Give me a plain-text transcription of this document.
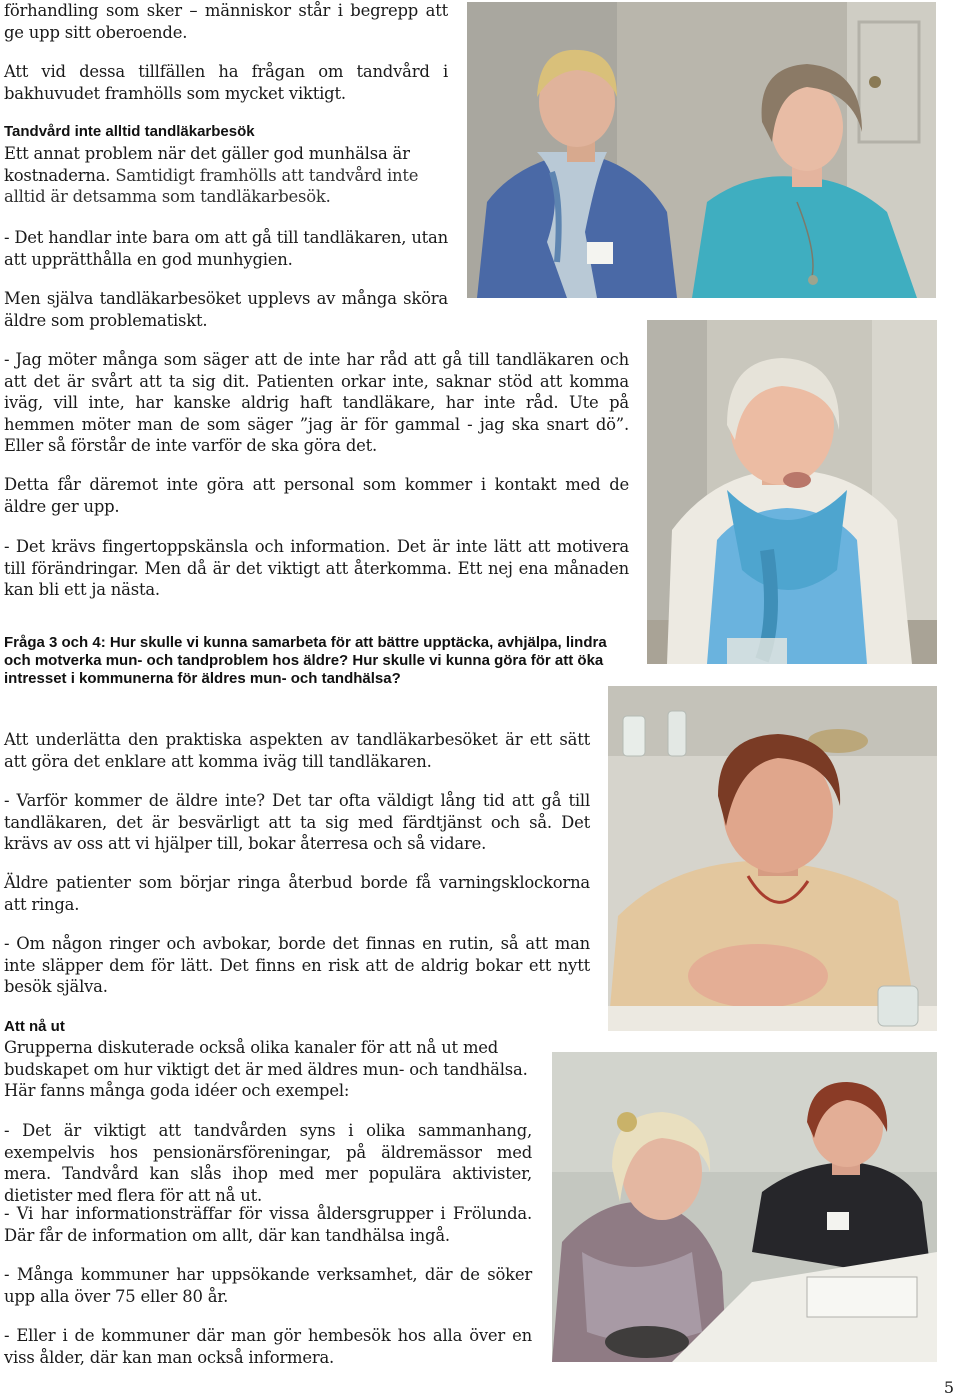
förhandling som sker – människor står i begrepp att ge upp sitt oberoende.
Att vid dessa tillfällen ha frågan om tandvård i bakhuvudet framhölls som mycket viktigt.
Tandvård inte alltid tandläkarbesök
Ett annat problem när det gäller god munhälsa är kostnaderna. Samtidigt framhölls att tandvård inte alltid är detsamma som tandläkarbesök.
- Det handlar inte bara om att gå till tandläkaren, utan att upprätthålla en god munhygien.
Men själva tandläkarbesöket upplevs av många sköra äldre som problematiskt.
- Jag möter många som säger att de inte har råd att gå till tandläkaren och att det är svårt att ta sig dit. Patienten orkar inte, saknar stöd att komma iväg, vill inte, har kanske aldrig haft tandläkare, har inte råd. Ute på hemmen möter man de som säger ”jag är för gammal - jag ska snart dö”. Eller så förstår de inte varför de ska göra det.
Detta får däremot inte göra att personal som kommer i kontakt med de äldre ger upp.
- Det krävs fingertoppskänsla och information. Det är inte lätt att motivera till förändringar. Men då är det viktigt att återkomma. Ett nej ena månaden kan bli ett ja nästa.
Fråga 3 och 4: Hur skulle vi kunna samarbeta för att bättre upptäcka, avhjälpa, lindra och motverka mun- och tandproblem hos äldre? Hur skulle vi kunna göra för att öka intresset i kommunerna för äldres mun- och tandhälsa?
Att underlätta den praktiska aspekten av tandläkarbesöket är ett sätt att göra det enklare att komma iväg till tandläkaren.
- Varför kommer de äldre inte? Det tar ofta väldigt lång tid att gå till tandläkaren, det är besvärligt att ta sig med färdtjänst och så. Det krävs av oss att vi hjälper till, bokar återresa och så vidare.
Äldre patienter som börjar ringa återbud borde få varningsklockorna att ringa.
- Om någon ringer och avbokar, borde det finnas en rutin, så att man inte släpper dem för lätt. Det finns en risk att de aldrig bokar ett nytt besök själva.
Att nå ut
Grupperna diskuterade också olika kanaler för att nå ut med budskapet om hur viktigt det är med äldres mun- och tandhälsa. Här fanns många goda idéer och exempel:
- Det är viktigt att tandvården syns i olika sammanhang, exempelvis hos pensionärsföreningar, på äldremässor med mera. Tandvård kan slås ihop med mer populära aktivister, dietister med flera för att nå ut.
- Vi har informationsträffar för vissa åldersgrupper i Frölunda. Där får de information om allt, där kan tandhälsa ingå.
- Många kommuner har uppsökande verksamhet, där de söker upp alla över 75 eller 80 år.
- Eller i de kommuner där man gör hembesök hos alla över en viss ålder, där kan man också informera.
5
